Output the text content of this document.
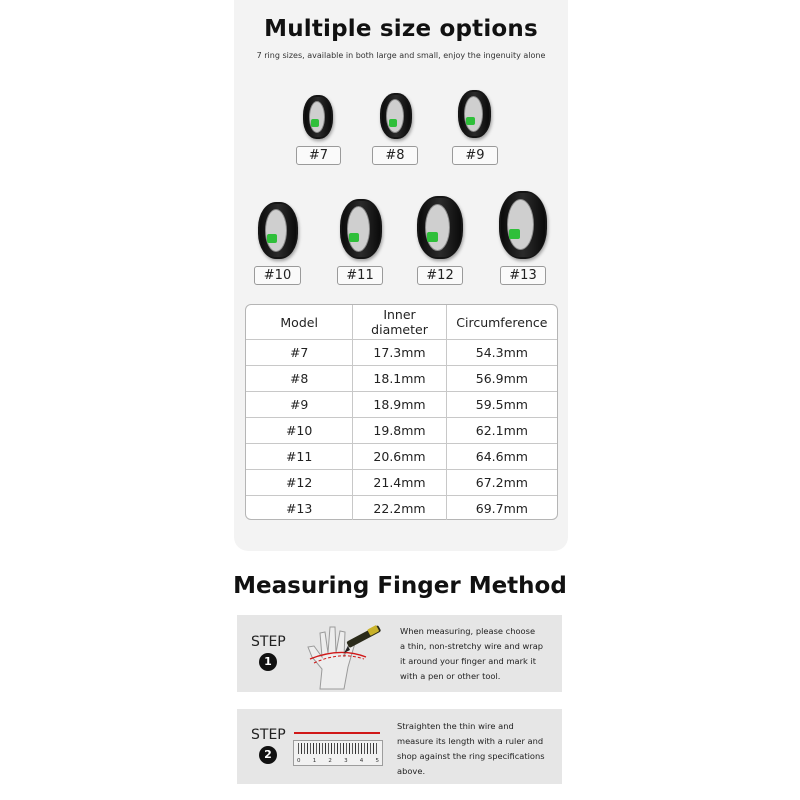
Multiple size options
7 ring sizes, available in both large and small, enjoy the ingenuity alone
#7	#8	#9
#10	#11	#12	#13
Model	Inner diameter	Circumference
#7	17.3mm	54.3mm
#8	18.1mm	56.9mm
#9	18.9mm	59.5mm
#10	19.8mm	62.1mm
#11	20.6mm	64.6mm
#12	21.4mm	67.2mm
#13	22.2mm	69.7mm
Measuring Finger Method
STEP
1
When measuring, please choose
a thin, non-stretchy wire and wrap
it around your finger and mark it
with a pen or other tool.
STEP
2	0 1 2 3 4 5
Straighten the thin wire and
measure its length with a ruler and
shop against the ring specifications
above.
